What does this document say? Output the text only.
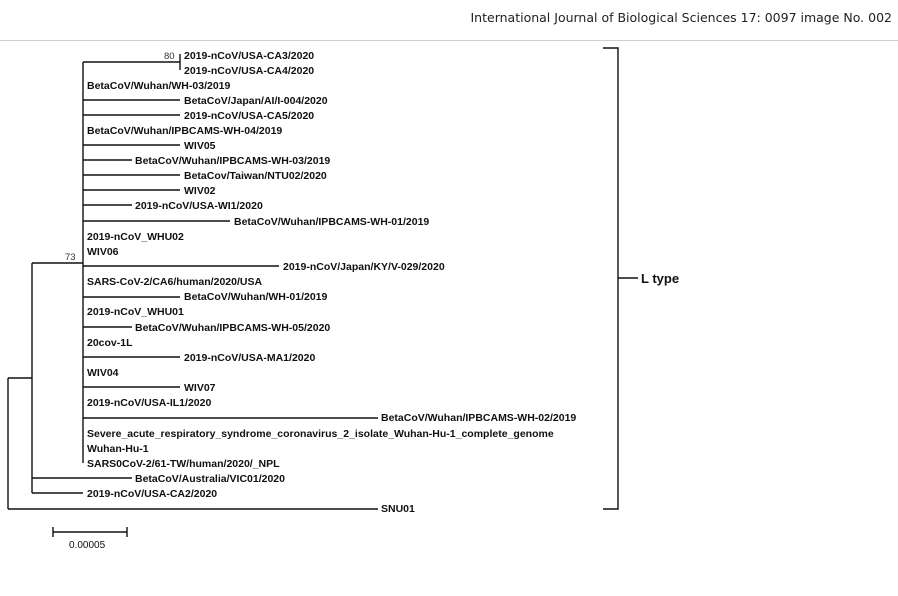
International Journal of Biological Sciences 17: 0097 image No. 002
2019-nCoV/USA-CA3/2020
2019-nCoV/USA-CA4/2020
BetaCoV/Wuhan/WH-03/2019
BetaCoV/Japan/AI/I-004/2020
2019-nCoV/USA-CA5/2020
BetaCoV/Wuhan/IPBCAMS-WH-04/2019
WIV05
BetaCoV/Wuhan/IPBCAMS-WH-03/2019
BetaCov/Taiwan/NTU02/2020
WIV02
2019-nCoV/USA-WI1/2020
BetaCoV/Wuhan/IPBCAMS-WH-01/2019
2019-nCoV_WHU02
WIV06
2019-nCoV/Japan/KY/V-029/2020
SARS-CoV-2/CA6/human/2020/USA
BetaCoV/Wuhan/WH-01/2019
2019-nCoV_WHU01
BetaCoV/Wuhan/IPBCAMS-WH-05/2020
20cov-1L
2019-nCoV/USA-MA1/2020
WIV04
WIV07
2019-nCoV/USA-IL1/2020
BetaCoV/Wuhan/IPBCAMS-WH-02/2019
Severe_acute_respiratory_syndrome_coronavirus_2_isolate_Wuhan-Hu-1_complete_genome
Wuhan-Hu-1
SARS0CoV-2/61-TW/human/2020/_NPL
BetaCoV/Australia/VIC01/2020
2019-nCoV/USA-CA2/2020
SNU01
80
73
L type
0.00005
